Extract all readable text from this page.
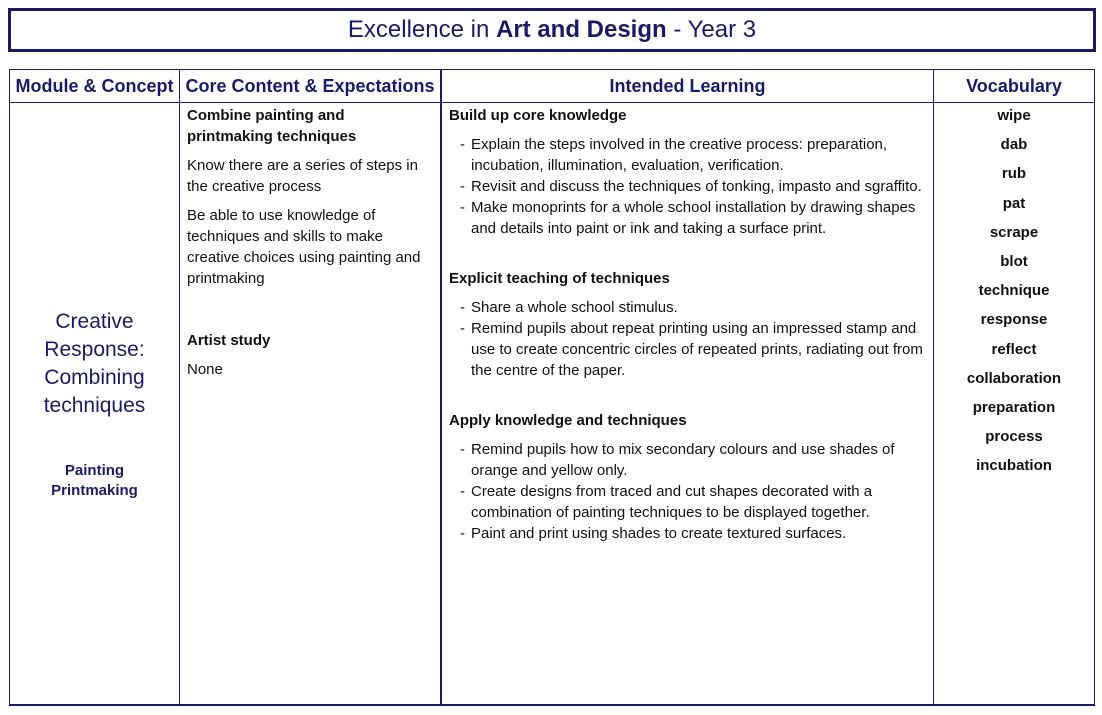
Excellence in Art and Design - Year 3
Module & Concept
Creative
Response:
Combining
techniques
Painting
Printmaking
Core Content & Expectations
Combine painting and printmaking techniques
Know there are a series of steps in the creative process
Be able to use knowledge of techniques and skills to make creative choices using painting and printmaking
Artist study
None
Intended Learning
Build up core knowledge
- Explain the steps involved in the creative process: preparation, incubation, illumination, evaluation, verification.
- Revisit and discuss the techniques of tonking, impasto and sgraffito.
- Make monoprints for a whole school installation by drawing shapes and details into paint or ink and taking a surface print.
Explicit teaching of techniques
- Share a whole school stimulus.
- Remind pupils about repeat printing using an impressed stamp and use to create concentric circles of repeated prints, radiating out from the centre of the paper.
Apply knowledge and techniques
- Remind pupils how to mix secondary colours and use shades of orange and yellow only.
- Create designs from traced and cut shapes decorated with a combination of painting techniques to be displayed together.
- Paint and print using shades to create textured surfaces.
Vocabulary
wipe
dab
rub
pat
scrape
blot
technique
response
reflect
collaboration
preparation
process
incubation
